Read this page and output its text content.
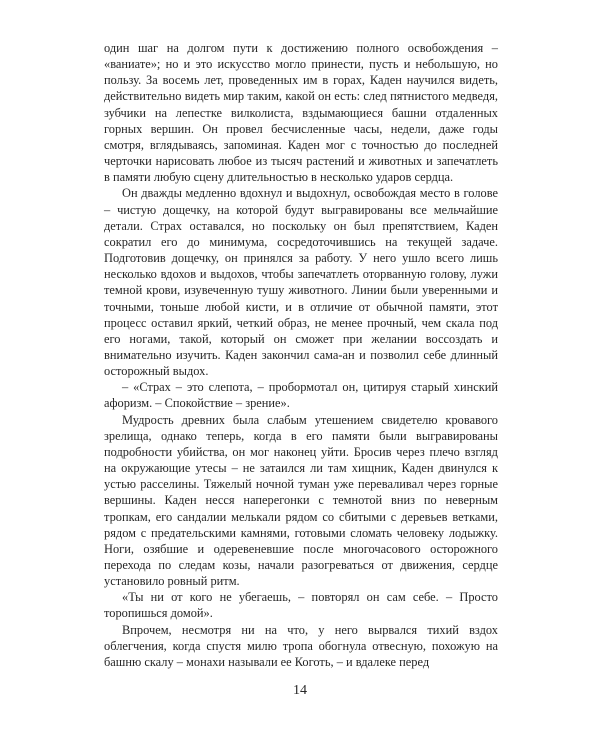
один шаг на долгом пути к достижению полного освобождения – «ваниате»; но и это искусство могло принести, пусть и небольшую, но пользу. За восемь лет, проведенных им в горах, Каден научился видеть, действительно видеть мир таким, какой он есть: след пятнистого медведя, зубчики на лепестке вилколиста, вздымающиеся башни отдаленных горных вершин. Он провел бесчисленные часы, недели, даже годы смотря, вглядываясь, запоминая. Каден мог с точностью до последней черточки нарисовать любое из тысяч растений и животных и запечатлеть в памяти любую сцену длительностью в несколько ударов сердца.

Он дважды медленно вдохнул и выдохнул, освобождая место в голове – чистую дощечку, на которой будут выгравированы все мельчайшие детали. Страх оставался, но поскольку он был препятствием, Каден сократил его до минимума, сосредоточившись на текущей задаче. Подготовив дощечку, он принялся за работу. У него ушло всего лишь несколько вдохов и выдохов, чтобы запечатлеть оторванную голову, лужи темной крови, изувеченную тушу животного. Линии были уверенными и точными, тоньше любой кисти, и в отличие от обычной памяти, этот процесс оставил яркий, четкий образ, не менее прочный, чем скала под его ногами, такой, который он сможет при желании воссоздать и внимательно изучить. Каден закончил сама-ан и позволил себе длинный осторожный выдох.

– «Страх – это слепота, – пробормотал он, цитируя старый хинский афоризм. – Спокойствие – зрение».

Мудрость древних была слабым утешением свидетелю кровавого зрелища, однако теперь, когда в его памяти были выгравированы подробности убийства, он мог наконец уйти. Бросив через плечо взгляд на окружающие утесы – не затаился ли там хищник, Каден двинулся к устью расселины. Тяжелый ночной туман уже переваливал через горные вершины. Каден несся наперегонки с темнотой вниз по неверным тропкам, его сандалии мелькали рядом со сбитыми с деревьев ветками, рядом с предательскими камнями, готовыми сломать человеку лодыжку. Ноги, озябшие и одеревеневшие после многочасового осторожного перехода по следам козы, начали разогреваться от движения, сердце установило ровный ритм.

«Ты ни от кого не убегаешь, – повторял он сам себе. – Просто торопишься домой».

Впрочем, несмотря ни на что, у него вырвался тихий вздох облегчения, когда спустя милю тропа обогнула отвесную, похожую на башню скалу – монахи называли ее Коготь, – и вдалеке перед

14
